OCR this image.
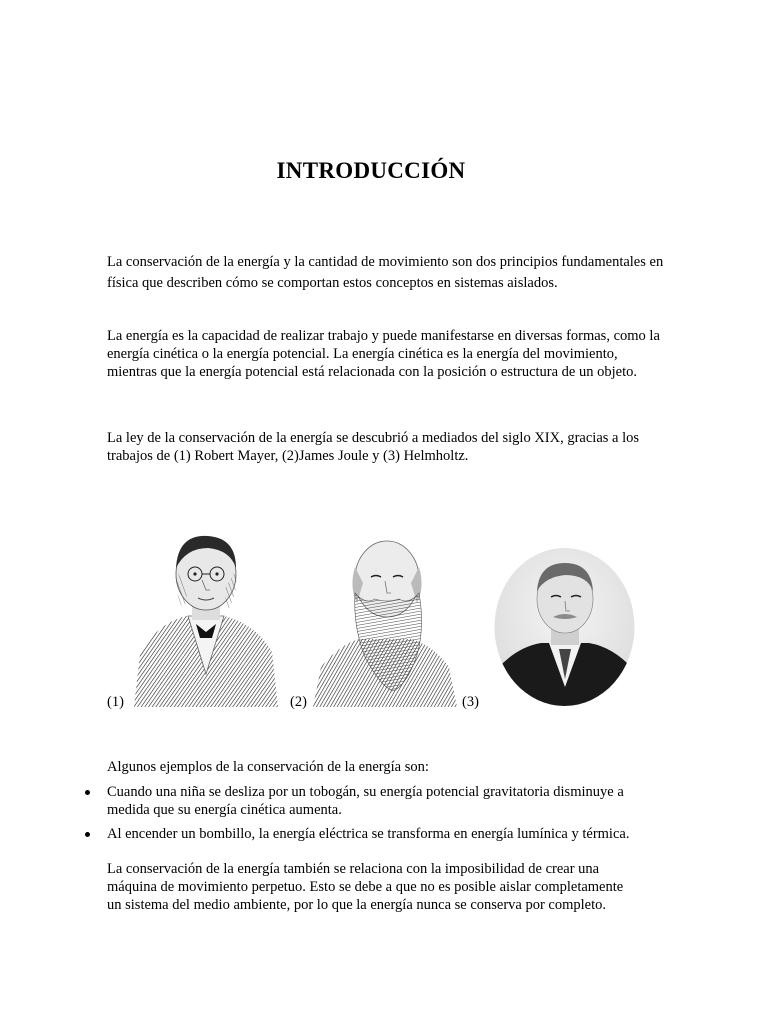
INTRODUCCIÓN

La conservación de la energía y la cantidad de movimiento son dos principios fundamentales en física que describen cómo se comportan estos conceptos en sistemas aislados.

La energía es la capacidad de realizar trabajo y puede manifestarse en diversas formas, como la energía cinética o la energía potencial. La energía cinética es la energía del movimiento, mientras que la energía potencial está relacionada con la posición o estructura de un objeto.

La ley de la conservación de la energía se descubrió a mediados del siglo XIX, gracias a los trabajos de (1) Robert Mayer, (2)James Joule y (3) Helmholtz.

(1)	(2)	(3)

Algunos ejemplos de la conservación de la energía son:

Cuando una niña se desliza por un tobogán, su energía potencial gravitatoria disminuye a medida que su energía cinética aumenta.
Al encender un bombillo, la energía eléctrica se transforma en energía lumínica y térmica.

La conservación de la energía también se relaciona con la imposibilidad de crear una máquina de movimiento perpetuo. Esto se debe a que no es posible aislar completamente un sistema del medio ambiente, por lo que la energía nunca se conserva por completo.
